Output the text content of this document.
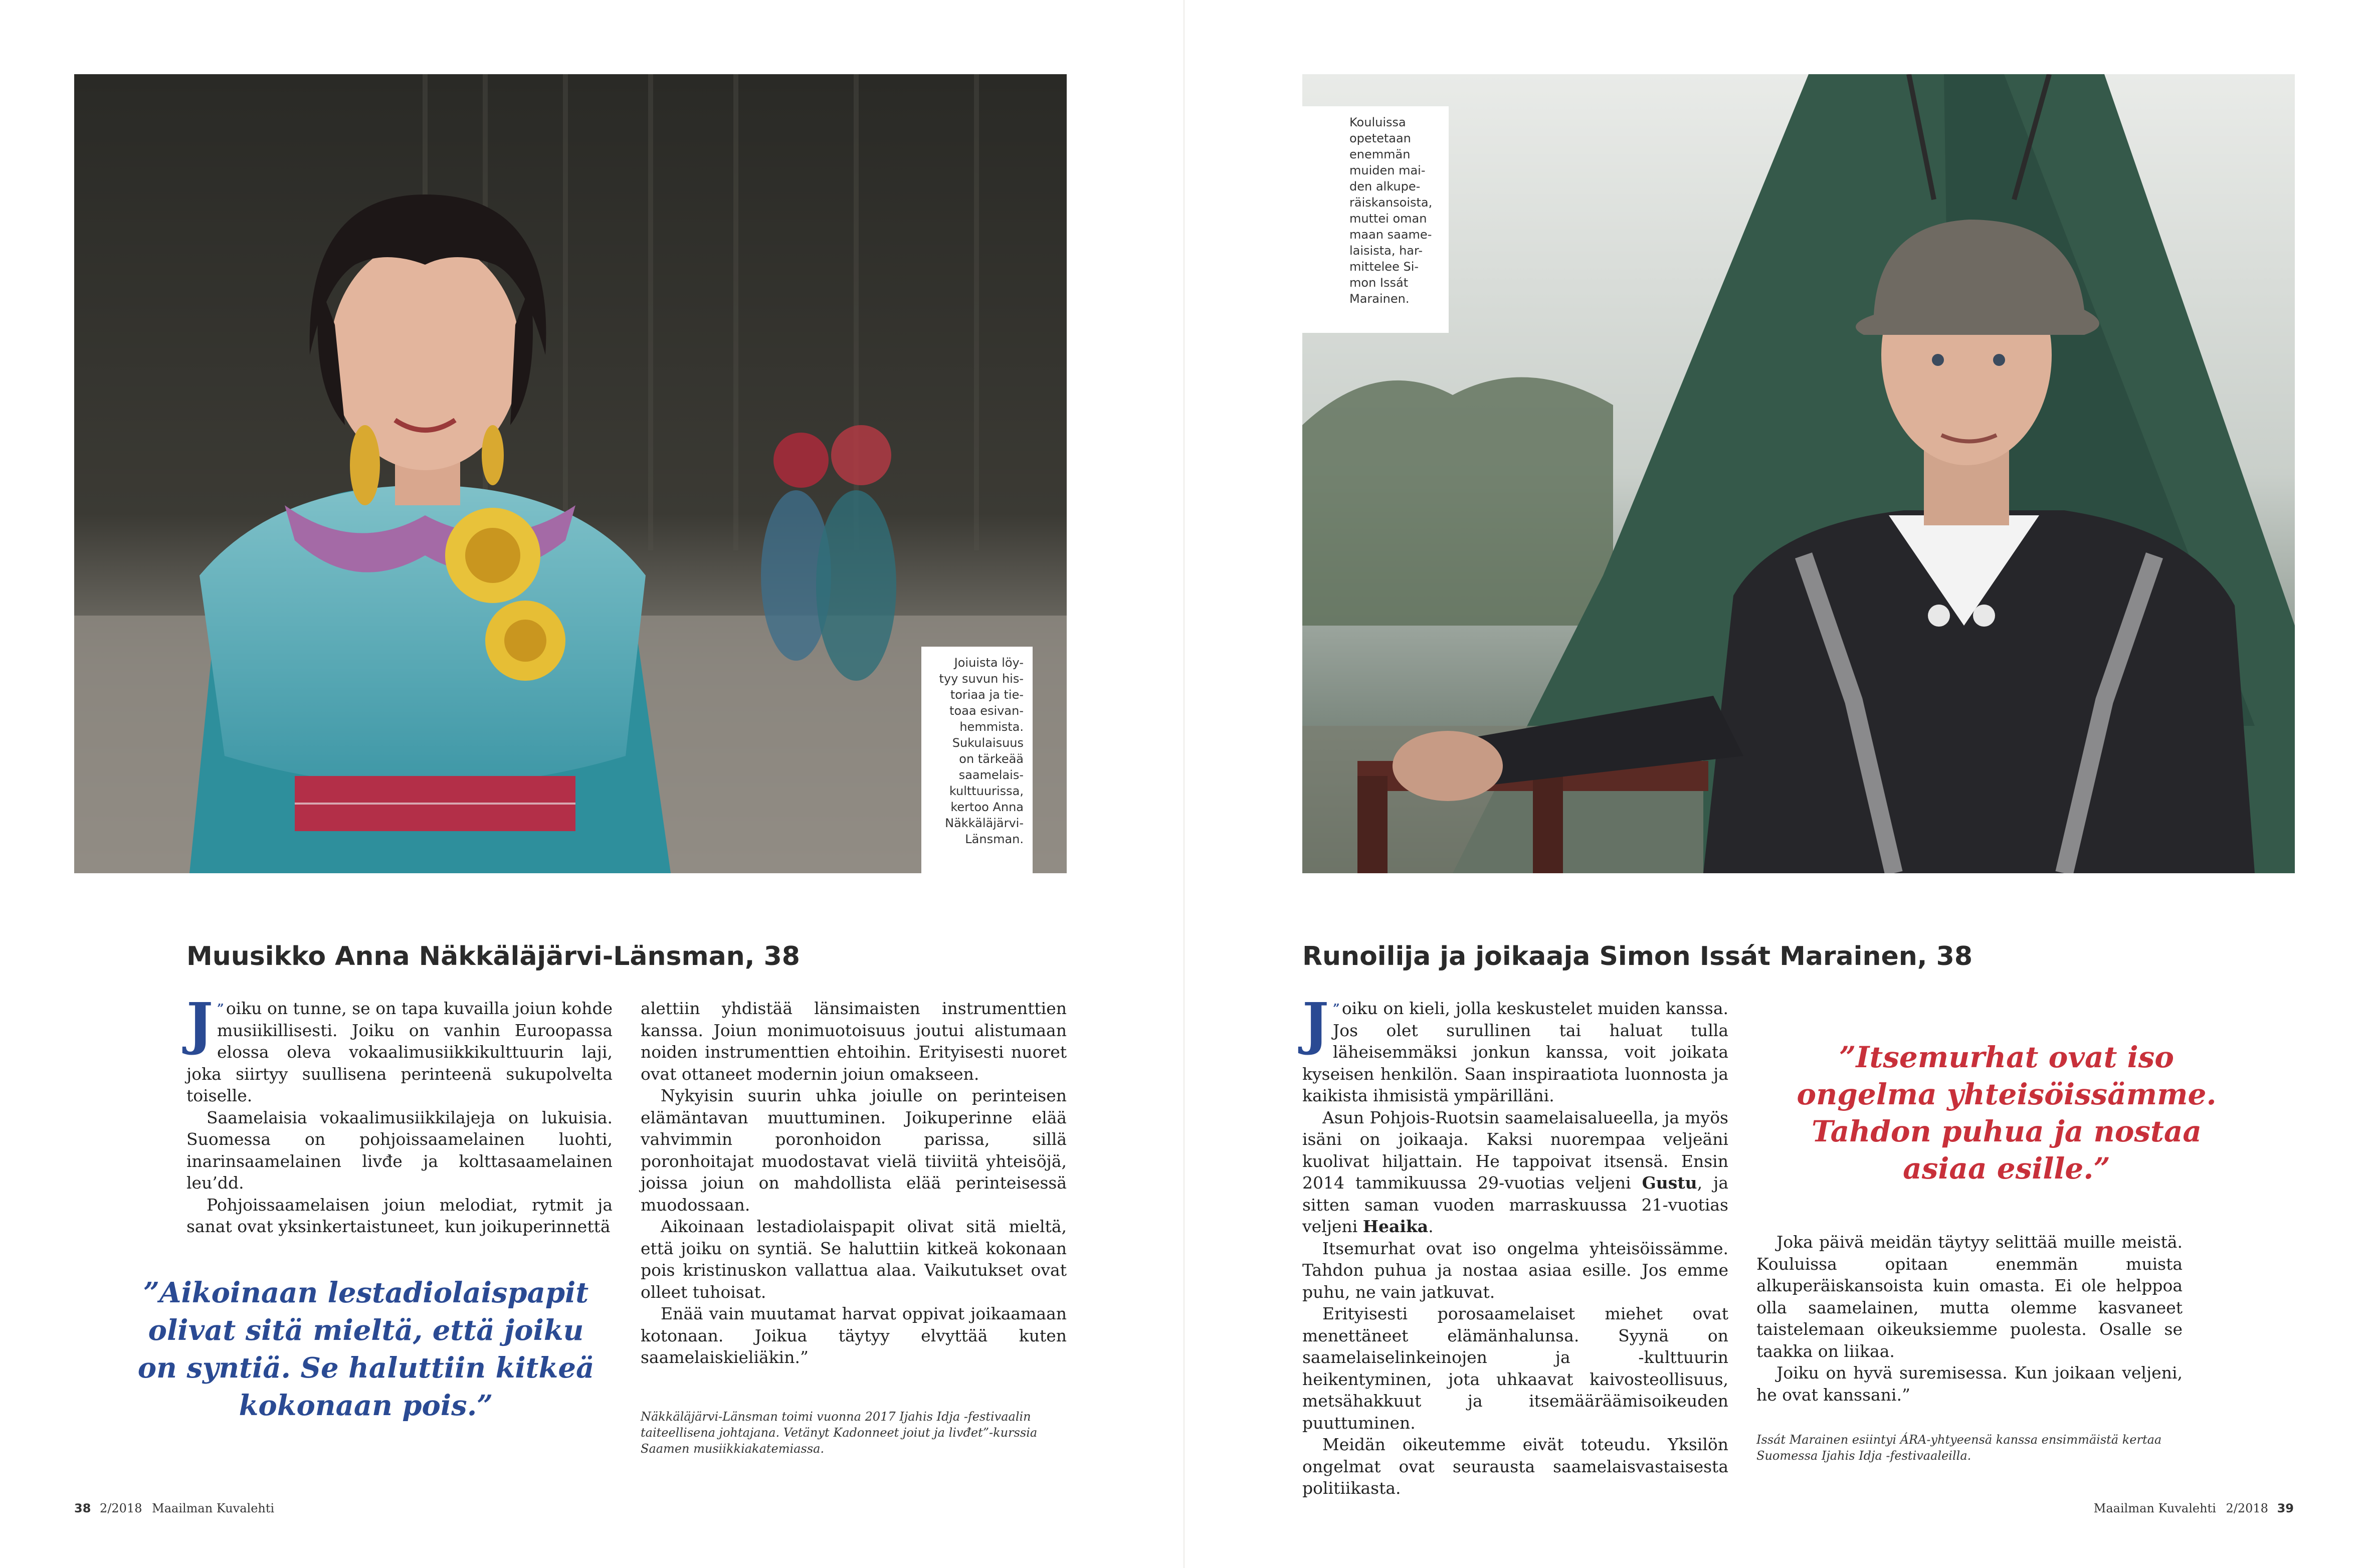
Joiuista löy-
tyy suvun his-
toriaa ja tie-
toaa esivan-
hemmista.
Sukulaisuus
on tärkeää
saamelais-
kulttuurissa,
kertoo Anna
Näkkäläjärvi-
Länsman.
Kouluissa
opetetaan
enemmän
muiden mai-
den alkupe-
räiskansoista,
muttei oman
maan saame-
laisista, har-
mittelee Si-
mon Issát
Marainen.
Muusikko Anna Näkkäläjärvi-Länsman, 38

”
J oiku on tunne, se on tapa kuvailla joiun kohde musiikillisesti. Joiku on vanhin Euroopassa elossa oleva vokaalimusiikkikulttuurin laji, joka siirtyy suullisena perinteenä sukupolvelta toiselle.

Saamelaisia vokaalimusiikkilajeja on lukuisia. Suomessa on pohjoissaamelainen luohti, inarinsaamelainen livđe ja kolttasaamelainen leu’dd.

Pohjoissaamelaisen joiun melodiat, rytmit ja sanat ovat yksinkertaistuneet, kun joikuperinnettä

”Aikoinaan lestadiolaispapit
olivat sitä mieltä, että joiku
on syntiä. Se haluttiin kitkeä
kokonaan pois.”

alettiin yhdistää länsimaisten instrumenttien kanssa. Joiun monimuotoisuus joutui alistumaan noiden instrumenttien ehtoihin. Erityisesti nuoret ovat ottaneet modernin joiun omakseen.

Nykyisin suurin uhka joiulle on perinteisen elämäntavan muuttuminen. Joikuperinne elää vahvimmin poronhoidon parissa, sillä poronhoitajat muodostavat vielä tiiviitä yhteisöjä, joissa joiun on mahdollista elää perinteisessä muodossaan.

Aikoinaan lestadiolaispapit olivat sitä mieltä, että joiku on syntiä. Se haluttiin kitkeä kokonaan pois kristinuskon vallattua alaa. Vaikutukset ovat olleet tuhoisat.

Enää vain muutamat harvat oppivat joikaamaan kotonaan. Joikua täytyy elvyttää kuten saamelaiskieliäkin.”

Näkkäläjärvi-Länsman toimi vuonna 2017 Ijahis Idja -festivaalin taiteellisena johtajana. Vetänyt Kadonneet joiut ja livđet”-kurssia Saamen musiikkiakatemiassa.
38 2/2018 Maailman Kuvalehti
Runoilija ja joikaaja Simon Issát Marainen, 38

”
J oiku on kieli, jolla keskustelet muiden kanssa. Jos olet surullinen tai haluat tulla läheisemmäksi jonkun kanssa, voit joikata kyseisen henkilön. Saan inspiraatiota luonnosta ja kaikista ihmisistä ympärilläni.

Asun Pohjois-Ruotsin saamelaisalueella, ja myös isäni on joikaaja. Kaksi nuorempaa veljeäni kuolivat hiljattain. He tappoivat itsensä. Ensin 2014 tammikuussa 29-vuotias veljeni Gustu, ja sitten saman vuoden marraskuussa 21-vuotias veljeni Heaika.

Itsemurhat ovat iso ongelma yhteisöissämme. Tahdon puhua ja nostaa asiaa esille. Jos emme puhu, ne vain jatkuvat.

Erityisesti porosaamelaiset miehet ovat menettäneet elämänhalunsa. Syynä on saamelaiselinkeinojen ja -kulttuurin heikentyminen, jota uhkaavat kaivosteollisuus, metsähakkuut ja itsemääräämisoikeuden puuttuminen.

Meidän oikeutemme eivät toteudu. Yksilön ongelmat ovat seurausta saamelaisvastaisesta politiikasta.

”Itsemurhat ovat iso
ongelma yhteisöissämme.
Tahdon puhua ja nostaa
asiaa esille.”

Joka päivä meidän täytyy selittää muille meistä. Kouluissa opitaan enemmän muista alkuperäiskansoista kuin omasta. Ei ole helppoa olla saamelainen, mutta olemme kasvaneet taistelemaan oikeuksiemme puolesta. Osalle se taakka on liikaa.

Joiku on hyvä suremisessa. Kun joikaan veljeni, he ovat kanssani.”

Issát Marainen esiintyi ÁRA-yhtyeensä kanssa ensimmäistä kertaa Suomessa Ijahis Idja -festivaaleilla.
Maailman Kuvalehti 2/2018 39
